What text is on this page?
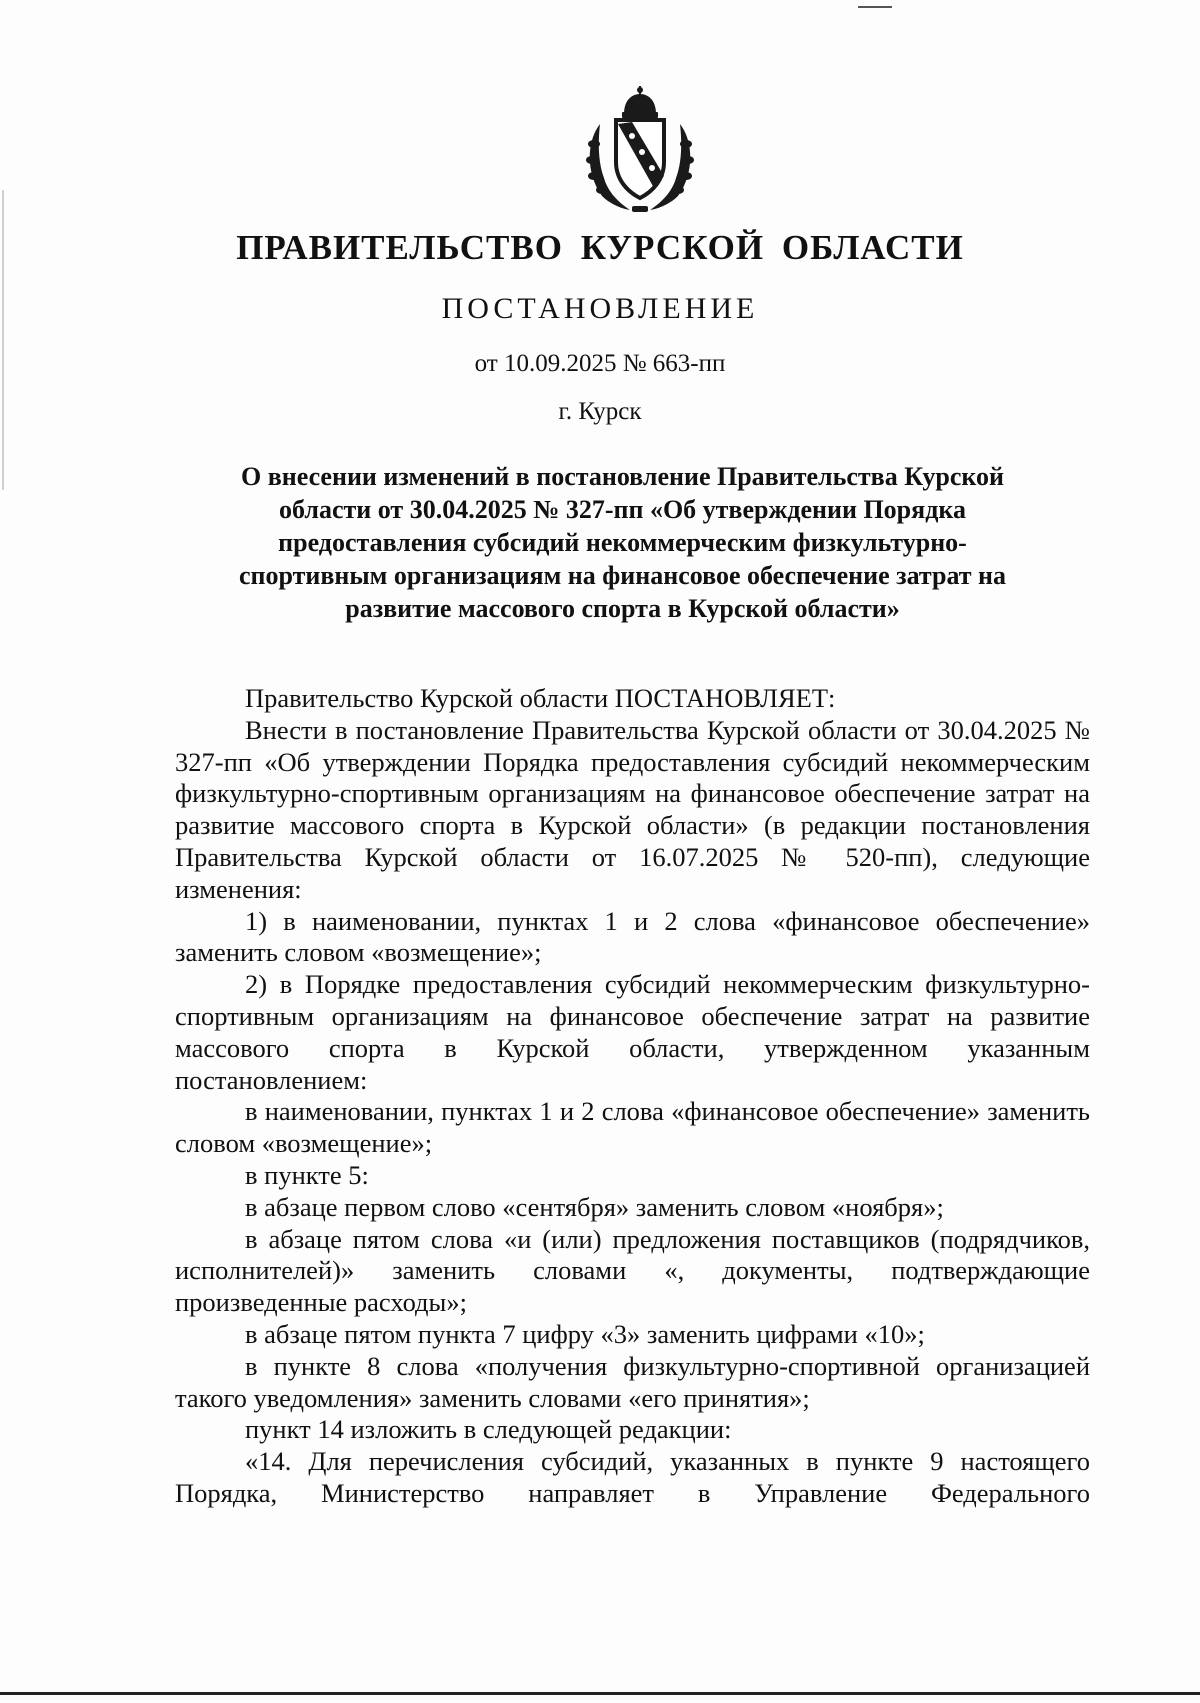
ПРАВИТЕЛЬСТВО КУРСКОЙ ОБЛАСТИ
ПОСТАНОВЛЕНИЕ
от 10.09.2025 № 663-пп
г. Курск
О внесении изменений в постановление Правительства Курской области от 30.04.2025 № 327-пп «Об утверждении Порядка предоставления субсидий некоммерческим физкультурно-спортивным организациям на финансовое обеспечение затрат на развитие массового спорта в Курской области»

Правительство Курской области ПОСТАНОВЛЯЕТ:

Внести в постановление Правительства Курской области от 30.04.2025 № 327-пп «Об утверждении Порядка предоставления субсидий некоммерческим физкультурно-спортивным организациям на финансовое обеспечение затрат на развитие массового спорта в Курской области» (в редакции постановления Правительства Курской области от 16.07.2025 № 520-пп), следующие изменения:

1) в наименовании, пунктах 1 и 2 слова «финансовое обеспечение» заменить словом «возмещение»;

2) в Порядке предоставления субсидий некоммерческим физкультурно-спортивным организациям на финансовое обеспечение затрат на развитие массового спорта в Курской области, утвержденном указанным постановлением:

в наименовании, пунктах 1 и 2 слова «финансовое обеспечение» заменить словом «возмещение»;

в пункте 5:

в абзаце первом слово «сентября» заменить словом «ноября»;

в абзаце пятом слова «и (или) предложения поставщиков (подрядчиков, исполнителей)» заменить словами «, документы, подтверждающие произведенные расходы»;

в абзаце пятом пункта 7 цифру «3» заменить цифрами «10»;

в пункте 8 слова «получения физкультурно-спортивной организацией такого уведомления» заменить словами «его принятия»;

пункт 14 изложить в следующей редакции:

«14. Для перечисления субсидий, указанных в пункте 9 настоящего Порядка, Министерство направляет в Управление Федерального
